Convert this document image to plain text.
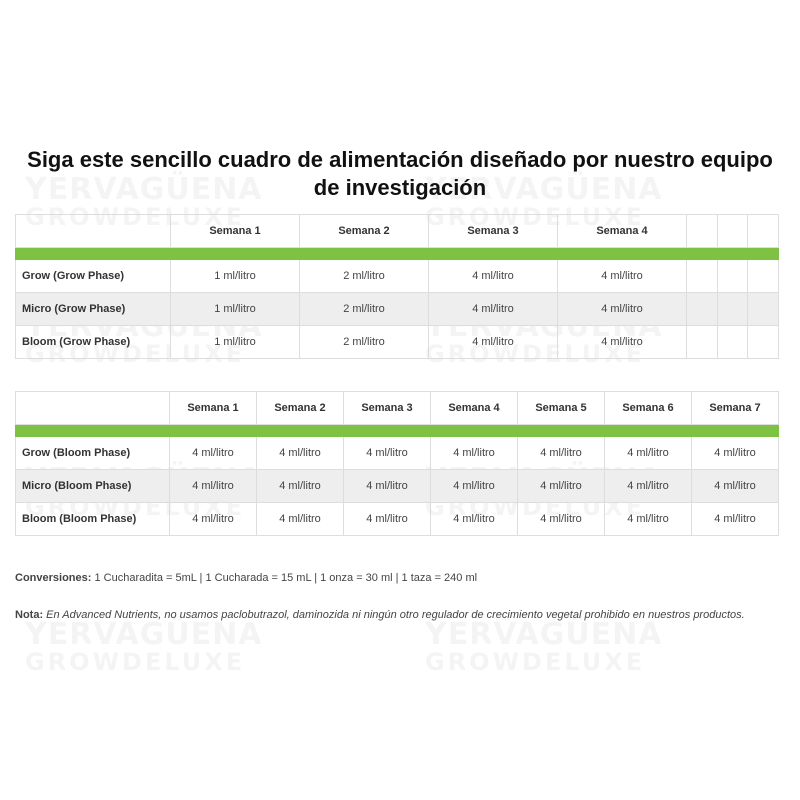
Siga este sencillo cuadro de alimentación diseñado por nuestro equipo de investigación
	Semana 1	Semana 2	Semana 3	Semana 4			

Grow (Grow Phase)	1 ml/litro	2 ml/litro	4 ml/litro	4 ml/litro			
Micro (Grow Phase)	1 ml/litro	2 ml/litro	4 ml/litro	4 ml/litro			
Bloom (Grow Phase)	1 ml/litro	2 ml/litro	4 ml/litro	4 ml/litro			
	Semana 1	Semana 2	Semana 3	Semana 4	Semana 5	Semana 6	Semana 7

Grow (Bloom Phase)	4 ml/litro	4 ml/litro	4 ml/litro	4 ml/litro	4 ml/litro	4 ml/litro	4 ml/litro
Micro (Bloom Phase)	4 ml/litro	4 ml/litro	4 ml/litro	4 ml/litro	4 ml/litro	4 ml/litro	4 ml/litro
Bloom (Bloom Phase)	4 ml/litro	4 ml/litro	4 ml/litro	4 ml/litro	4 ml/litro	4 ml/litro	4 ml/litro
Conversiones: 1 Cucharadita = 5mL | 1 Cucharada = 15 mL | 1 onza = 30 ml | 1 taza = 240 ml
Nota: En Advanced Nutrients, no usamos paclobutrazol, daminozida ni ningún otro regulador de crecimiento vegetal prohibido en nuestros productos.
